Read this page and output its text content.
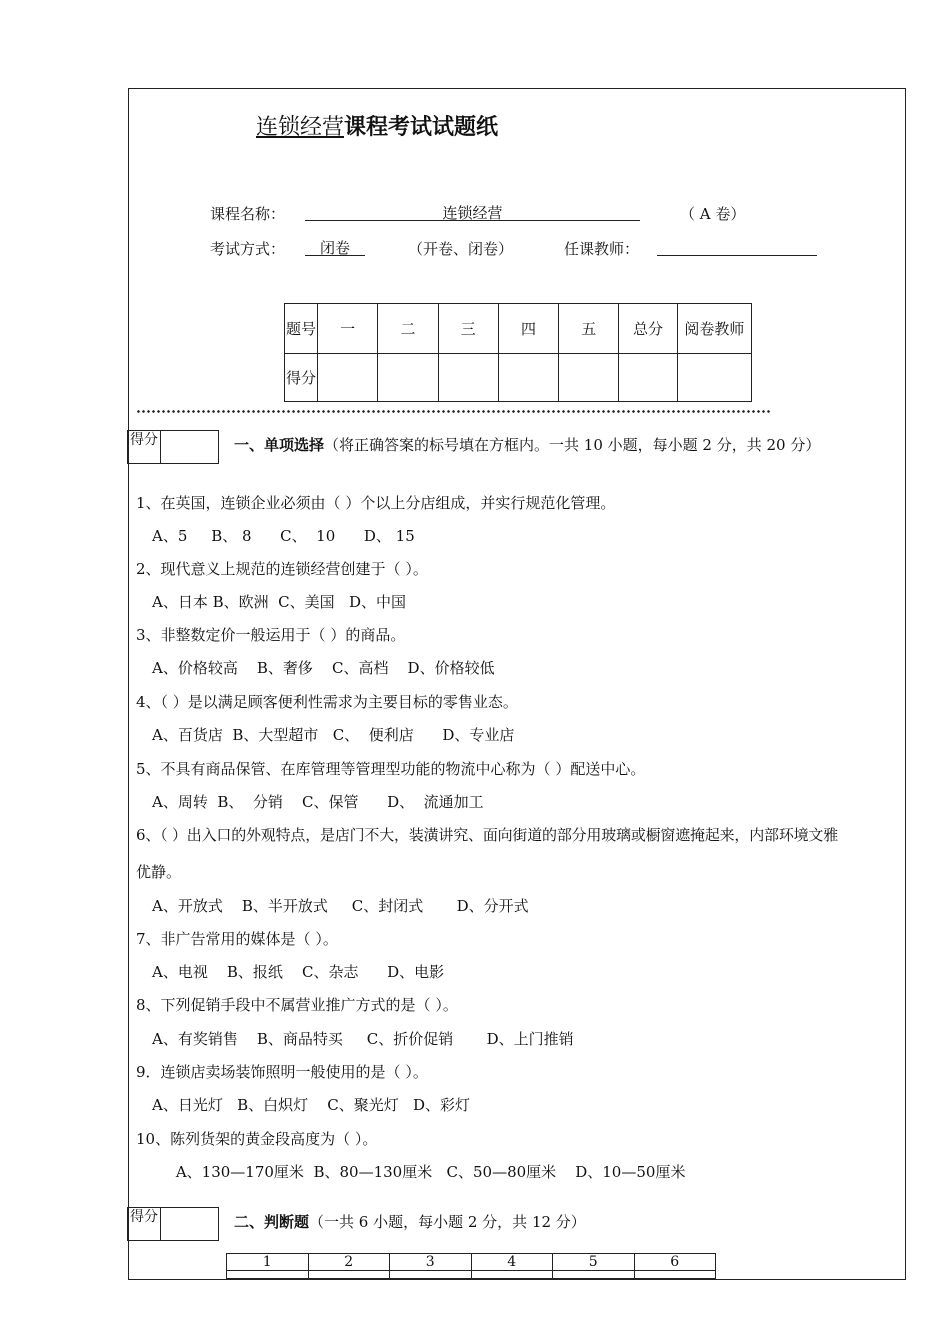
连锁经营课程考试试题纸
课程名称：	连锁经营	（ A 卷）
考试方式：	闭卷	（开卷、闭卷）	任课教师：
题号	一	二	三	四	五	总分	阅卷教师
得分							
得分	一、单项选择（将正确答案的标号填在方框内。一共 10 小题，每小题 2 分，共 20 分）
1、在英国，连锁企业必须由（ ）个以上分店组成，并实行规范化管理。
A、5     B、 8      C、  10      D、 15
2、现代意义上规范的连锁经营创建于（ ）。
A、日本 B、欧洲  C、美国   D、中国
3、非整数定价一般运用于（ ）的商品。
A、价格较高    B、奢侈    C、高档    D、价格较低
4、（ ）是以满足顾客便利性需求为主要目标的零售业态。
A、百货店  B、大型超市   C、  便利店      D、专业店
5、不具有商品保管、在库管理等管理型功能的物流中心称为（ ）配送中心。
A、周转  B、  分销    C、保管      D、  流通加工
6、（ ）出入口的外观特点，是店门不大，装潢讲究、面向街道的部分用玻璃或橱窗遮掩起来，内部环境文雅
优静。
A、开放式    B、半开放式     C、封闭式       D、分开式
7、非广告常用的媒体是（ ）。
A、电视    B、报纸    C、杂志      D、电影
8、下列促销手段中不属营业推广方式的是（ ）。
A、有奖销售    B、商品特买     C、折价促销       D、上门推销
9．连锁店卖场装饰照明一般使用的是（ ）。
A、日光灯   B、白炽灯    C、聚光灯   D、彩灯
10、陈列货架的黄金段高度为（ ）。
A、130—170厘米  B、80—130厘米   C、50—80厘米    D、10—50厘米
得分	二、判断题（一共 6 小题，每小题 2 分，共 12 分）
1	2	3	4	5	6
